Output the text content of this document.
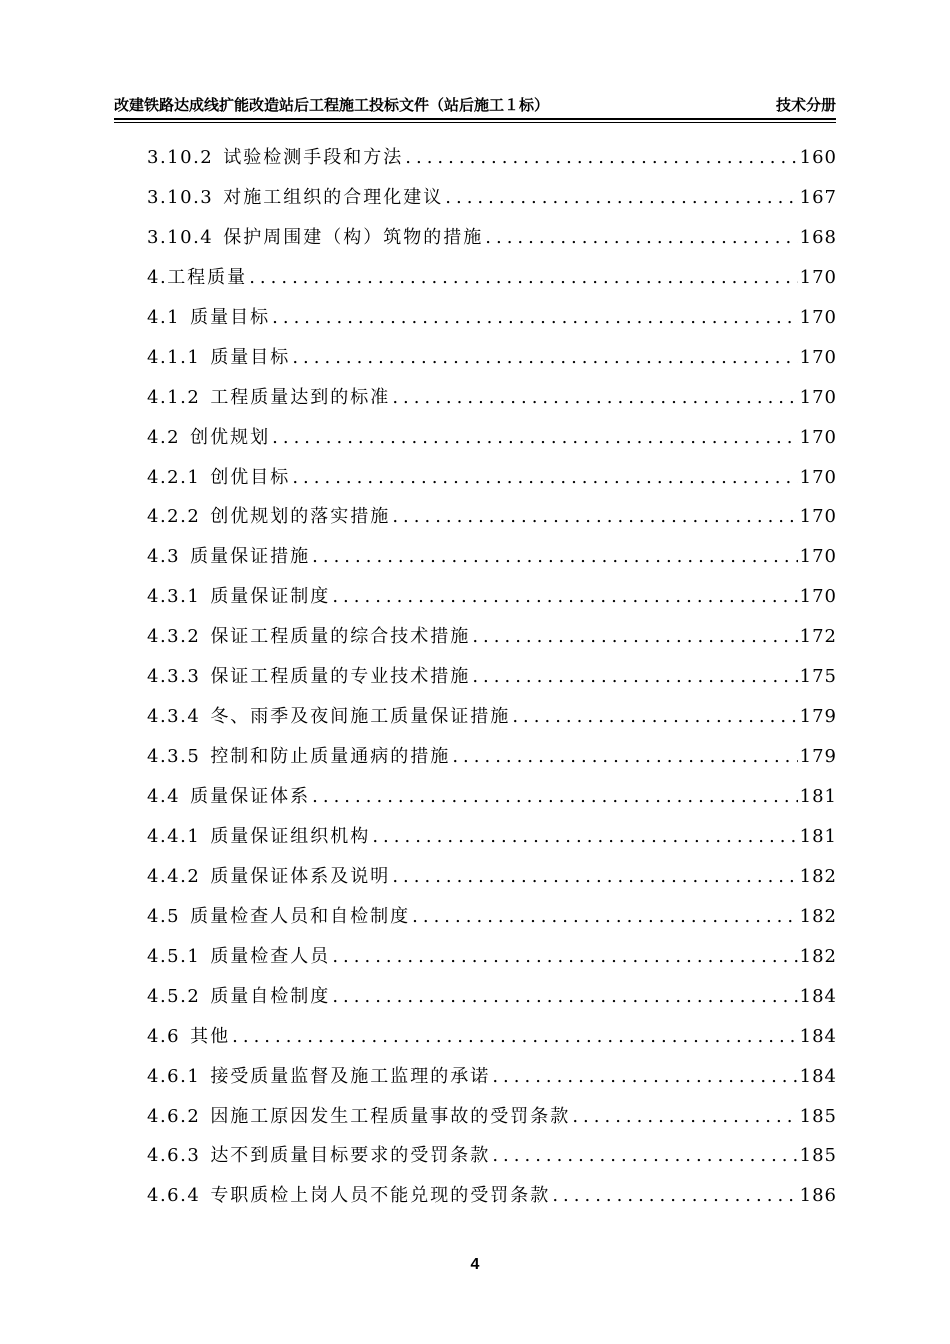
改建铁路达成线扩能改造站后工程施工投标文件（站后施工１标）	技术分册
3.10.2 试验检测手段和方法 .....	160
3.10.3 对施工组织的合理化建议 .....	167
3.10.4 保护周围建（构）筑物的措施 .....	168
4. 工程质量 .....	170
4.1 质量目标 .....	170
4.1.1 质量目标 .....	170
4.1.2 工程质量达到的标准 .....	170
4.2 创优规划 .....	170
4.2.1 创优目标 .....	170
4.2.2 创优规划的落实措施 .....	170
4.3 质量保证措施 .....	170
4.3.1 质量保证制度 .....	170
4.3.2 保证工程质量的综合技术措施 .....	172
4.3.3 保证工程质量的专业技术措施 .....	175
4.3.4 冬、雨季及夜间施工质量保证措施 .....	179
4.3.5 控制和防止质量通病的措施 .....	179
4.4 质量保证体系 .....	181
4.4.1 质量保证组织机构 .....	181
4.4.2 质量保证体系及说明 .....	182
4.5 质量检查人员和自检制度 .....	182
4.5.1 质量检查人员 .....	182
4.5.2 质量自检制度 .....	184
4.6 其他 .....	184
4.6.1 接受质量监督及施工监理的承诺 .....	184
4.6.2 因施工原因发生工程质量事故的受罚条款 .....	185
4.6.3 达不到质量目标要求的受罚条款 .....	185
4.6.4 专职质检上岗人员不能兑现的受罚条款 .....	186
4
